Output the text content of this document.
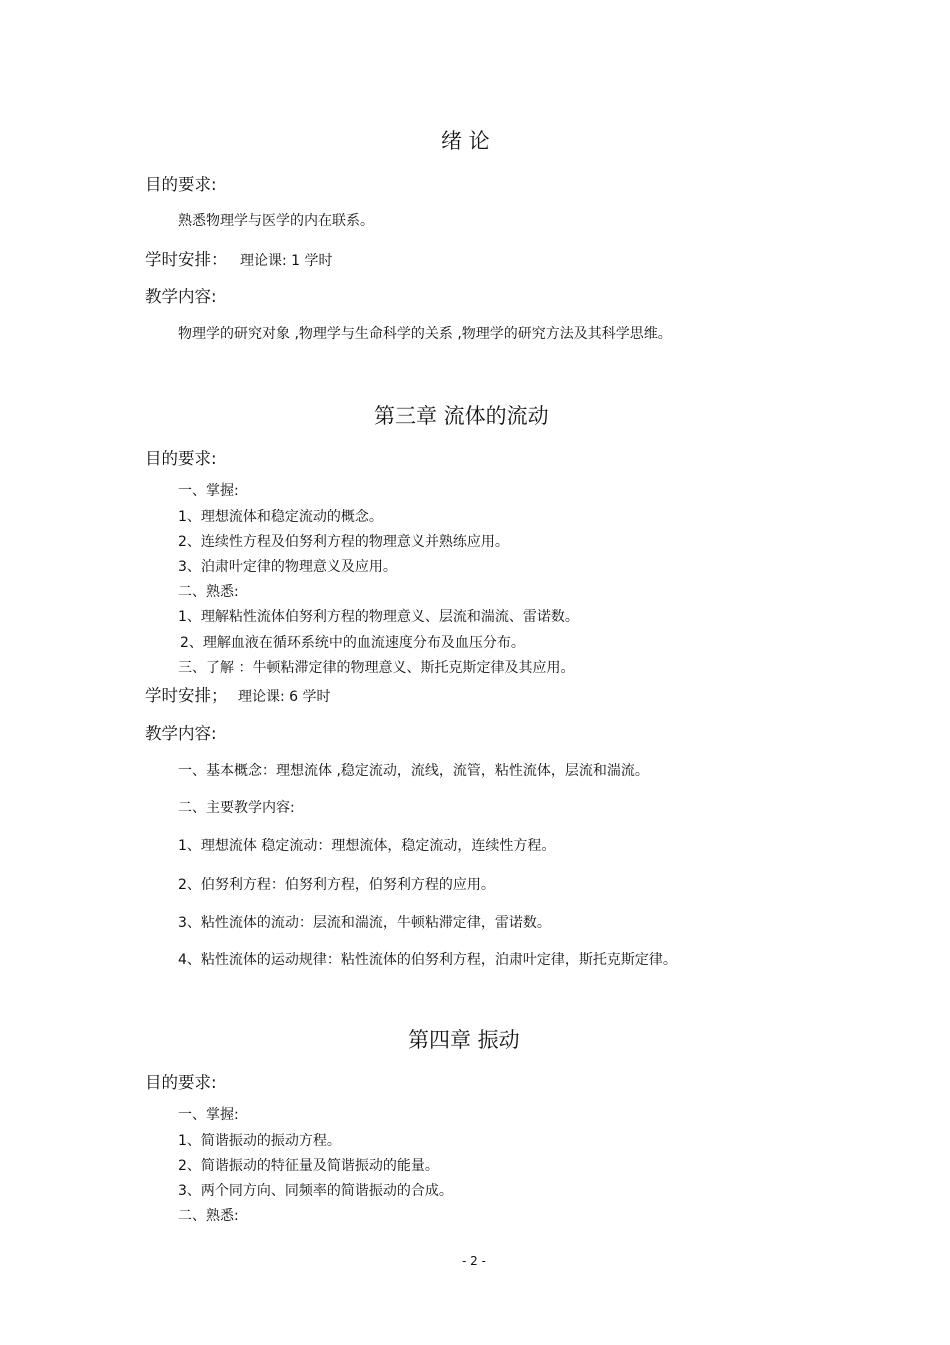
绪 论
目的要求:
熟悉物理学与医学的内在联系。
学时安排： 理论课: 1 学时
教学内容:
物理学的研究对象 ,物理学与生命科学的关系 ,物理学的研究方法及其科学思维。
第三章 流体的流动
目的要求:
一、掌握:
1、理想流体和稳定流动的概念。
2、连续性方程及伯努利方程的物理意义并熟练应用。
3、泊肃叶定律的物理意义及应用。
二、熟悉:
1、理解粘性流体伯努利方程的物理意义、层流和湍流、雷诺数。
2、理解血液在循环系统中的血流速度分布及血压分布。
三、了解 ：牛顿粘滞定律的物理意义、斯托克斯定律及其应用。
学时安排； 理论课: 6 学时
教学内容:
一、基本概念：理想流体 ,稳定流动，流线，流管，粘性流体，层流和湍流。
二、主要教学内容:
1、理想流体 稳定流动：理想流体，稳定流动，连续性方程。
2、伯努利方程：伯努利方程，伯努利方程的应用。
3、粘性流体的流动：层流和湍流，牛顿粘滞定律，雷诺数。
4、粘性流体的运动规律：粘性流体的伯努利方程，泊肃叶定律，斯托克斯定律。
第四章 振动
目的要求:
一、掌握:
1、简谐振动的振动方程。
2、简谐振动的特征量及简谐振动的能量。
3、两个同方向、同频率的简谐振动的合成。
二、熟悉:
- 2 -
